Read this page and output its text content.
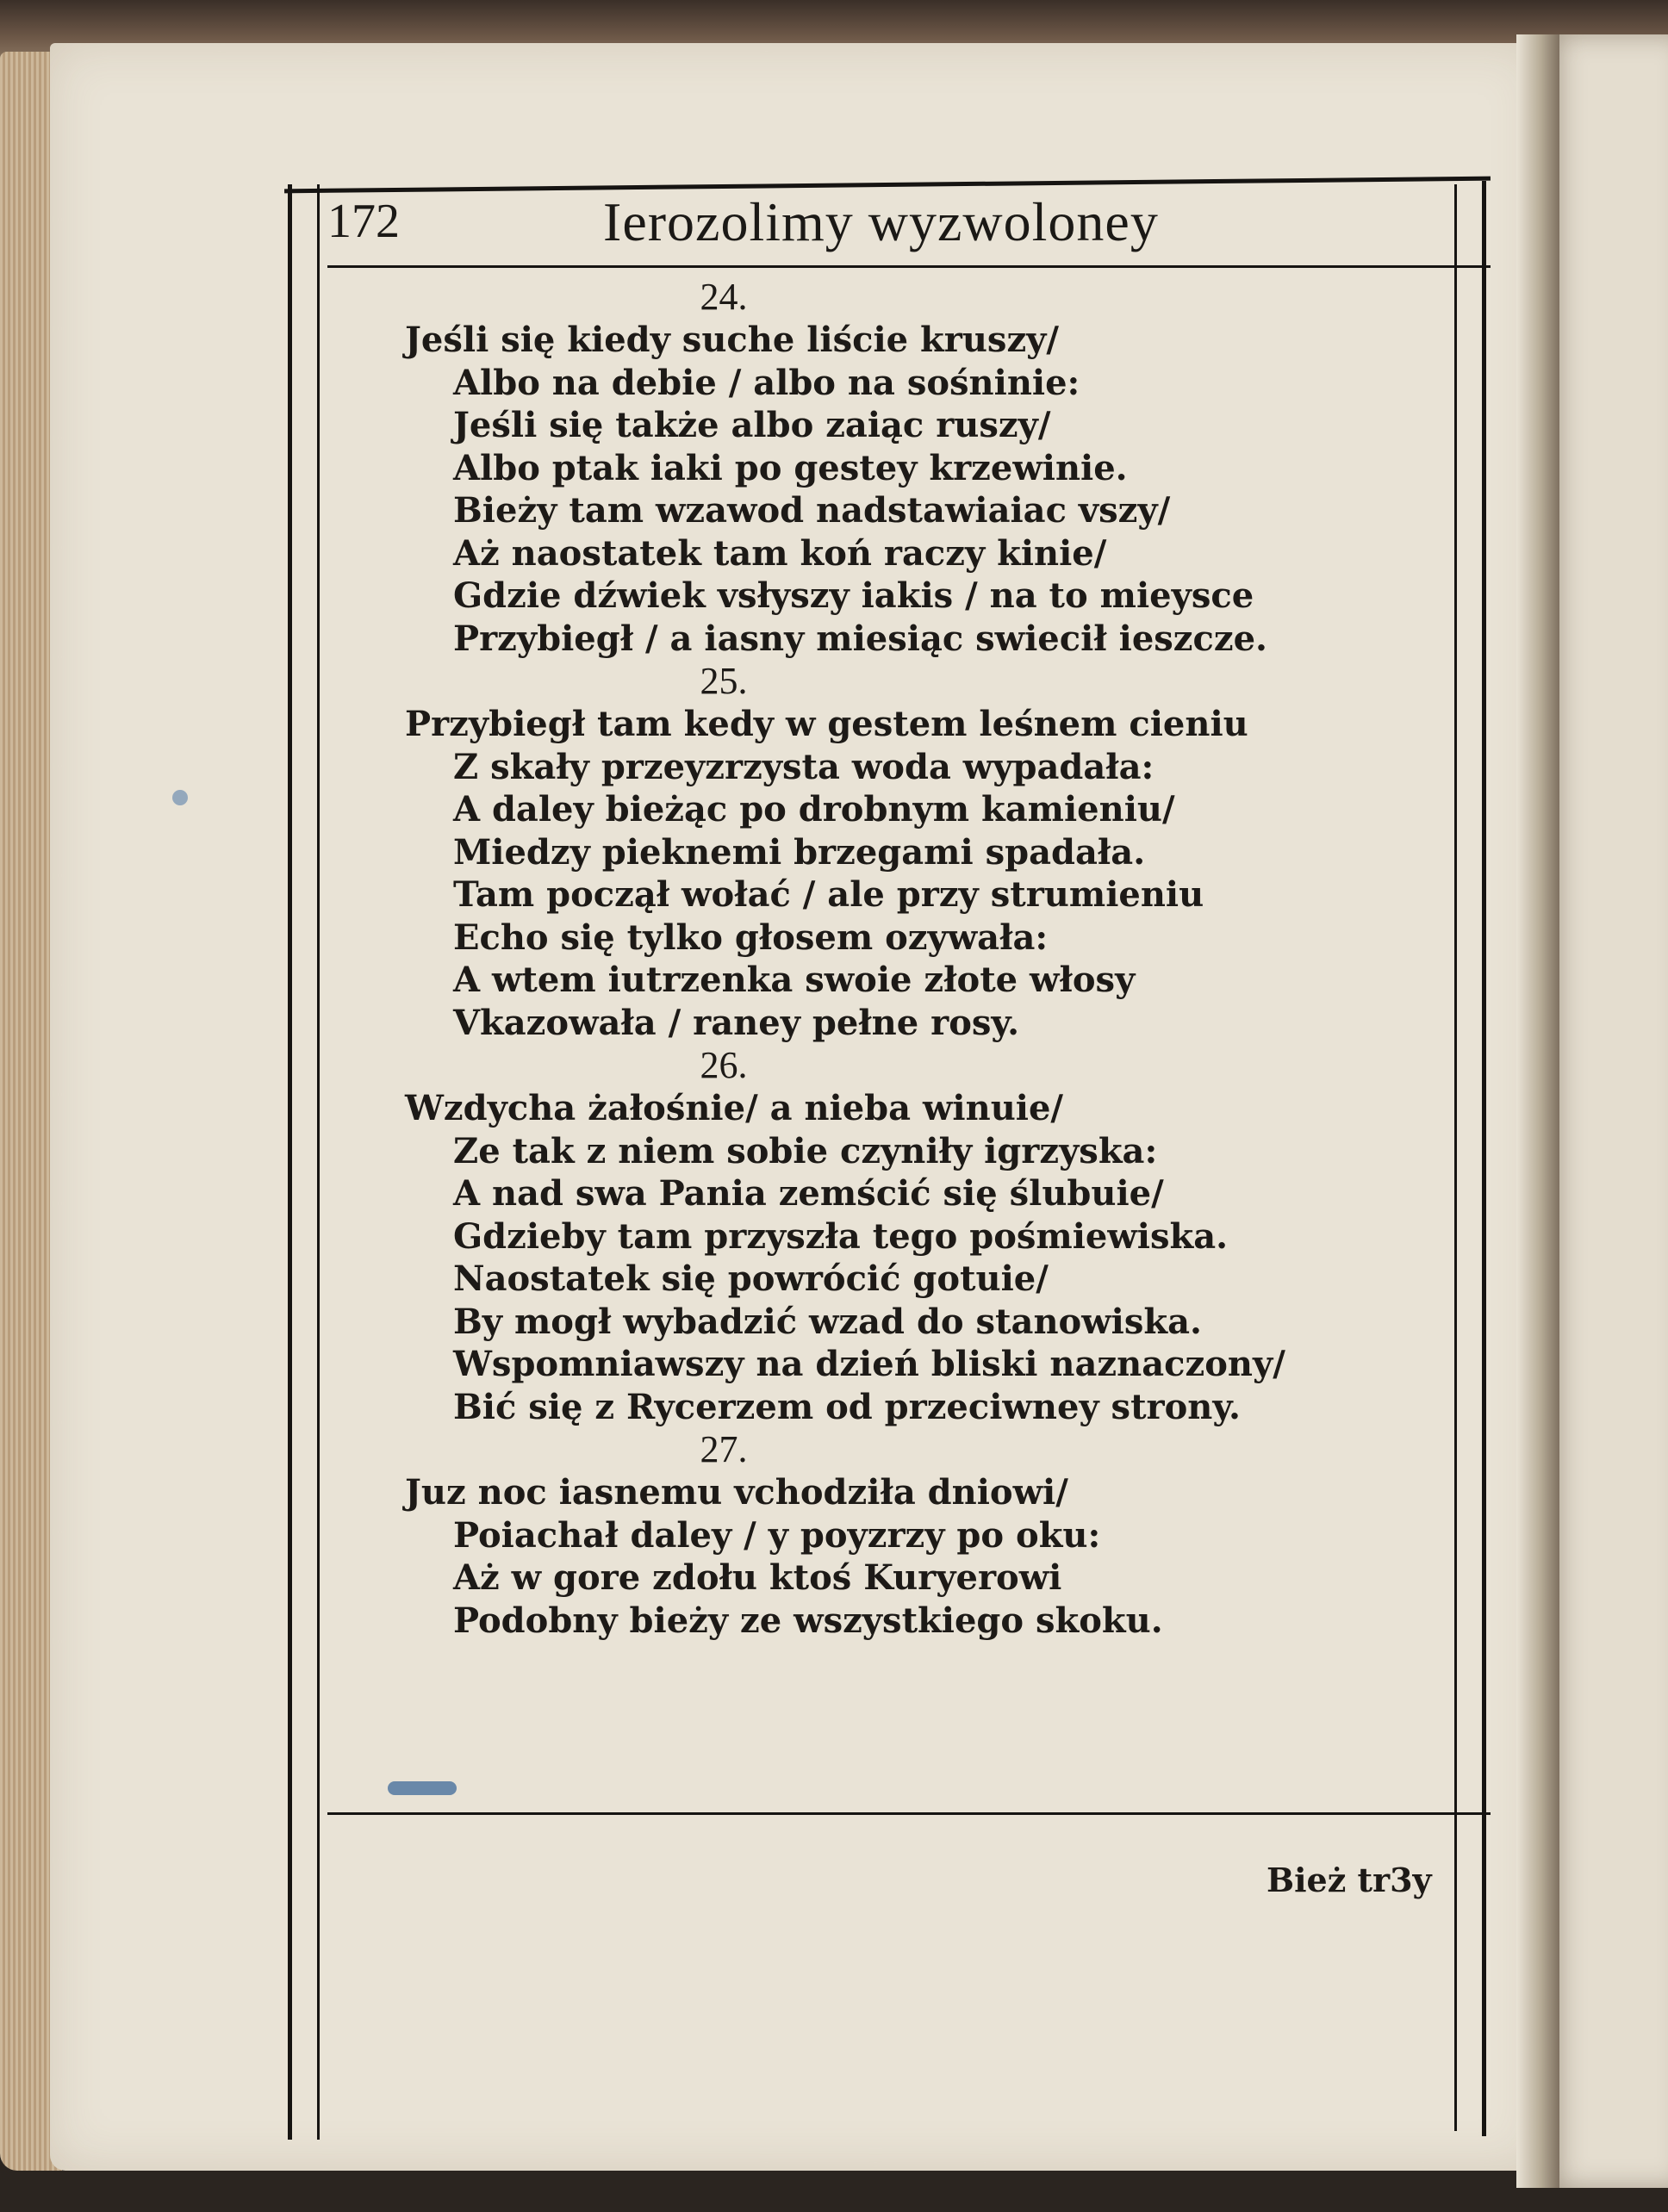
172	Ierozolimy wyzwoloney
24.
Jeśli się kiedy suche liście kruszy/
Albo na debie / albo na sośninie:
Jeśli się także albo zaiąc ruszy/
Albo ptak iaki po gestey krzewinie.
Bieży tam wzawod nadstawiaiac vszy/
Aż naostatek tam koń raczy kinie/
Gdzie dźwiek vsłyszy iakis / na to mieysce
Przybiegł / a iasny miesiąc swiecił ieszcze.
25.
Przybiegł tam kedy w gestem leśnem cieniu
Z skały przeyzrzysta woda wypadała:
A daley bieżąc po drobnym kamieniu/
Miedzy pieknemi brzegami spadała.
Tam począł wołać / ale przy strumieniu
Echo się tylko głosem ozywała:
A wtem iutrzenka swoie złote włosy
Vkazowała / raney pełne rosy.
26.
Wzdycha żałośnie/ a nieba winuie/
Ze tak z niem sobie czyniły igrzyska:
A nad swa Pania zemścić się ślubuie/
Gdzieby tam przyszła tego pośmiewiska.
Naostatek się powrócić gotuie/
By mogł wybadzić wzad do stanowiska.
Wspomniawszy na dzień bliski naznaczony/
Bić się z Rycerzem od przeciwney strony.
27.
Juz noc iasnemu vchodziła dniowi/
Poiachał daley / y poyzrzy po oku:
Aż w gore zdołu ktoś Kuryerowi
Podobny bieży ze wszystkiego skoku.
Bież tr3y
